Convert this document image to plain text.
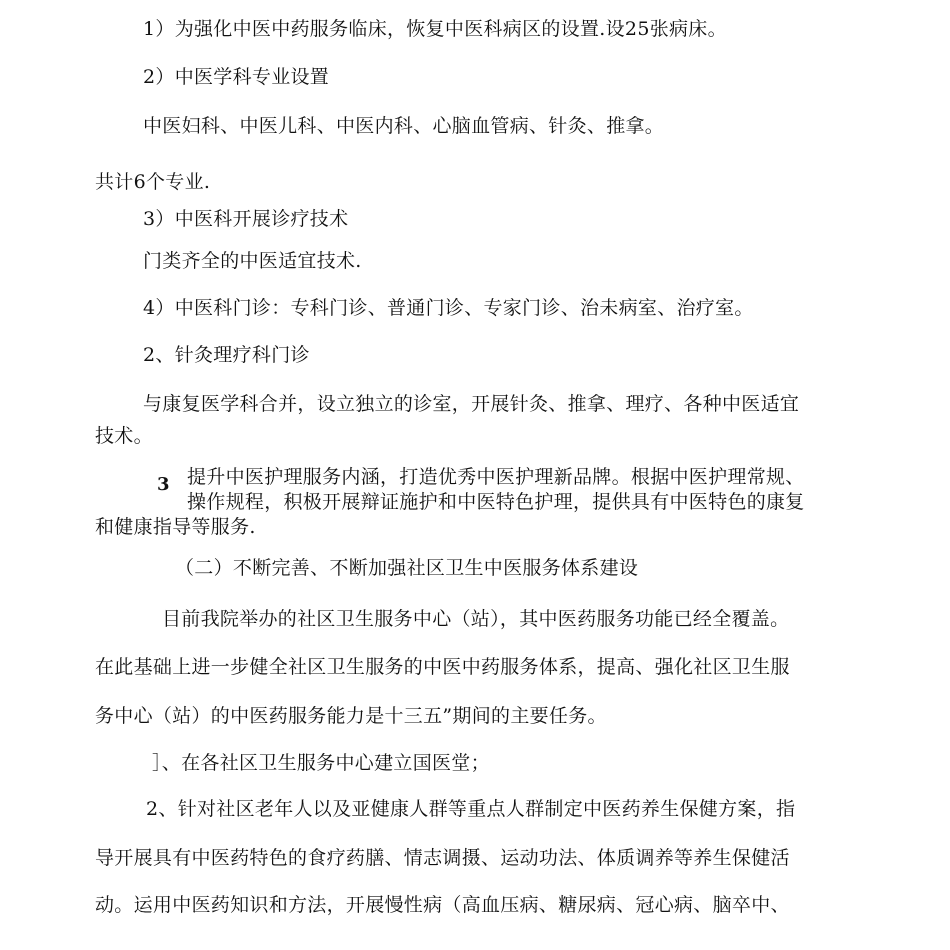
1）为强化中医中药服务临床，恢复中医科病区的设置.设25张病床。
2）中医学科专业设置
中医妇科、中医儿科、中医内科、心脑血管病、针灸、推拿。
共计6个专业.
3）中医科开展诊疗技术
门类齐全的中医适宜技术.
4）中医科门诊：专科门诊、普通门诊、专家门诊、治未病室、治疗室。
2、针灸理疗科门诊
与康复医学科合并，设立独立的诊室，开展针灸、推拿、理疗、各种中医适宜
技术。
3 提升中医护理服务内涵，打造优秀中医护理新品牌。根据中医护理常规、
操作规程，积极开展辩证施护和中医特色护理，提供具有中医特色的康复
和健康指导等服务.
（二）不断完善、不断加强社区卫生中医服务体系建设
目前我院举办的社区卫生服务中心（站），其中医药服务功能已经全覆盖。
在此基础上进一步健全社区卫生服务的中医中药服务体系，提高、强化社区卫生服
务中心（站）的中医药服务能力是十三五”期间的主要任务。
］、在各社区卫生服务中心建立国医堂；
2、针对社区老年人以及亚健康人群等重点人群制定中医药养生保健方案，指
导开展具有中医药特色的食疗药膳、情志调摄、运动功法、体质调养等养生保健活
动。运用中医药知识和方法，开展慢性病（高血压病、糖尿病、冠心病、脑卒中、
